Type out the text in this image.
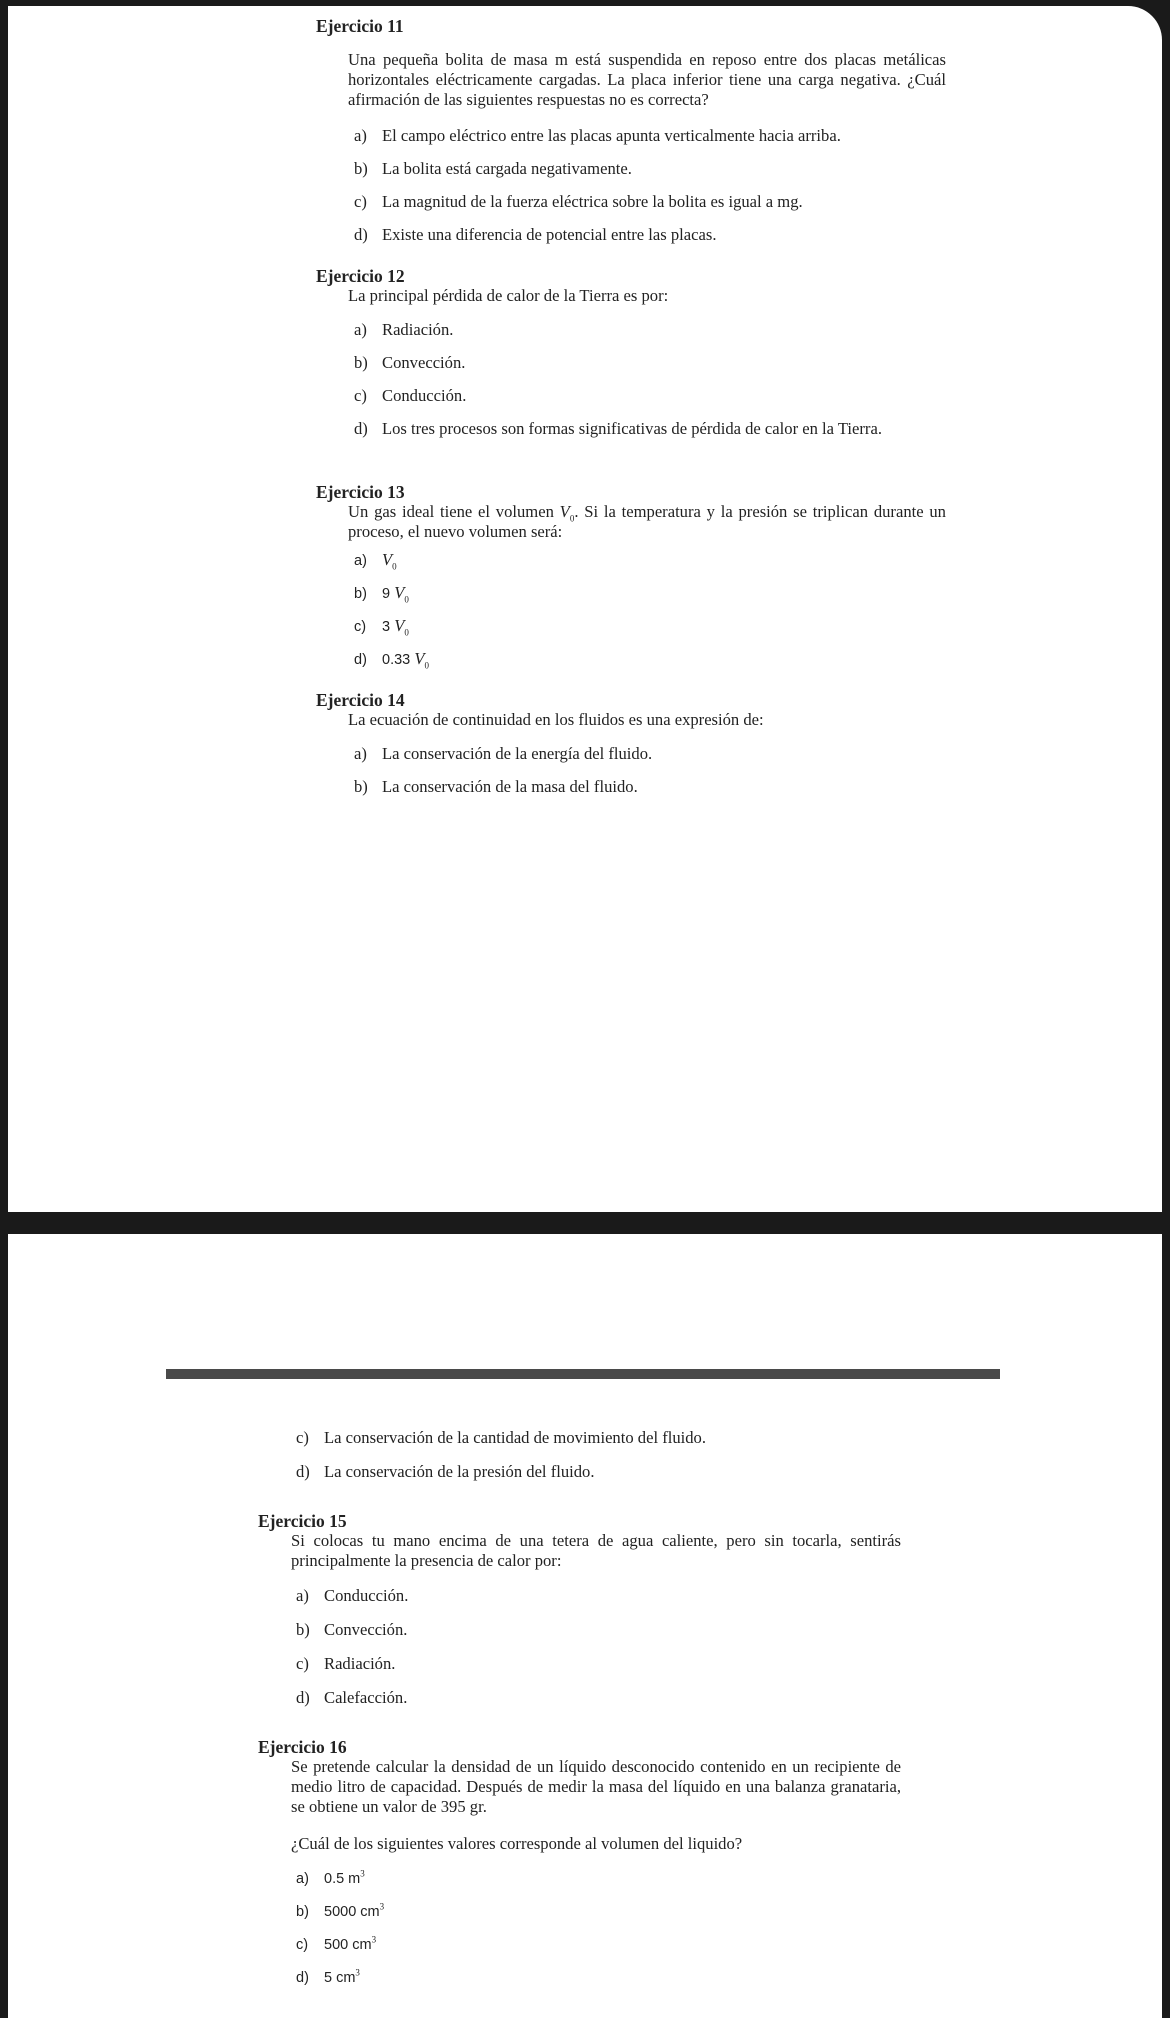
Ejercicio 11
Una pequeña bolita de masa m está suspendida en reposo entre dos placas metálicas horizontales eléctricamente cargadas. La placa inferior tiene una carga negativa. ¿Cuál afirmación de las siguientes respuestas no es correcta?
a) El campo eléctrico entre las placas apunta verticalmente hacia arriba.
b) La bolita está cargada negativamente.
c) La magnitud de la fuerza eléctrica sobre la bolita es igual a mg.
d) Existe una diferencia de potencial entre las placas.
Ejercicio 12
La principal pérdida de calor de la Tierra es por:
a) Radiación.
b) Convección.
c) Conducción.
d) Los tres procesos son formas significativas de pérdida de calor en la Tierra.
Ejercicio 13
Un gas ideal tiene el volumen $V_0$. Si la temperatura y la presión se triplican durante un proceso, el nuevo volumen será:
a) $V_0$
b) 9 $V_0$
c) 3 $V_0$
d) 0.33 $V_0$
Ejercicio 14
La ecuación de continuidad en los fluidos es una expresión de:
a) La conservación de la energía del fluido.
b) La conservación de la masa del fluido.
c) La conservación de la cantidad de movimiento del fluido.
d) La conservación de la presión del fluido.
Ejercicio 15
Si colocas tu mano encima de una tetera de agua caliente, pero sin tocarla, sentirás principalmente la presencia de calor por:
a) Conducción.
b) Convección.
c) Radiación.
d) Calefacción.
Ejercicio 16
Se pretende calcular la densidad de un líquido desconocido contenido en un recipiente de medio litro de capacidad. Después de medir la masa del líquido en una balanza granataria, se obtiene un valor de 395 gr.
¿Cuál de los siguientes valores corresponde al volumen del liquido?
a) 0.5 $m^3$
b) 5000 $cm^3$
c) 500 $cm^3$
d) 5 $cm^3$
